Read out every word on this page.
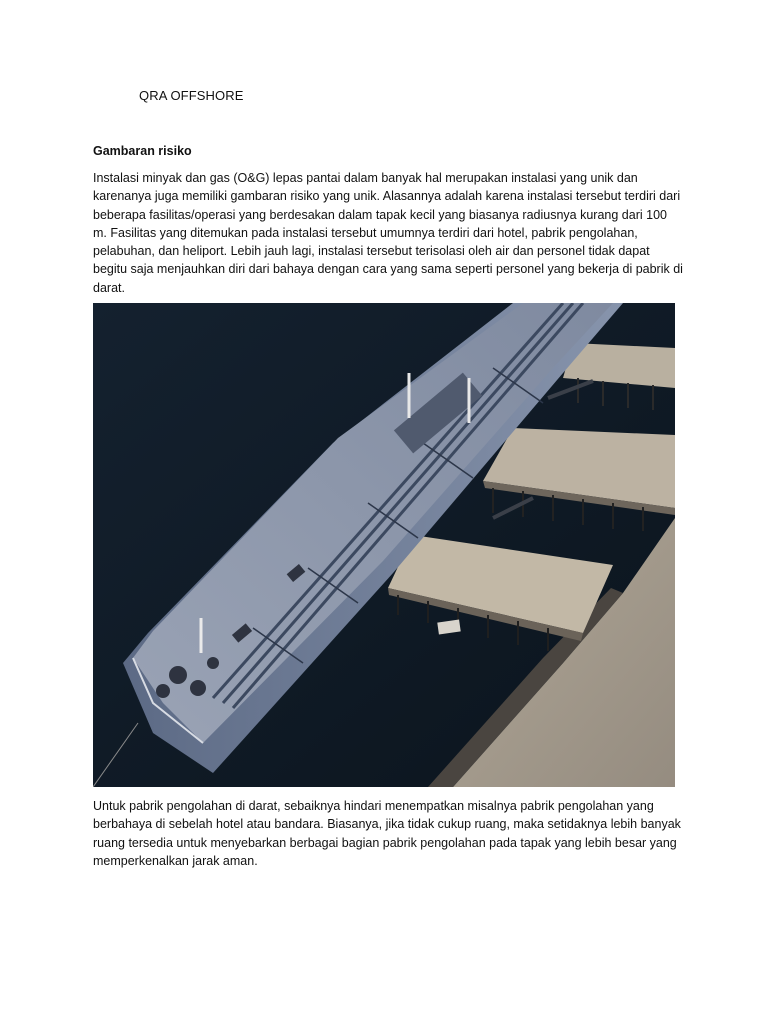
QRA OFFSHORE
Gambaran risiko

Instalasi minyak dan gas (O&G) lepas pantai dalam banyak hal merupakan instalasi yang unik dan karenanya juga memiliki gambaran risiko yang unik. Alasannya adalah karena instalasi tersebut terdiri dari beberapa fasilitas/operasi yang berdesakan dalam tapak kecil yang biasanya radiusnya kurang dari 100 m. Fasilitas yang ditemukan pada instalasi tersebut umumnya terdiri dari hotel, pabrik pengolahan, pelabuhan, dan heliport. Lebih jauh lagi, instalasi tersebut terisolasi oleh air dan personel tidak dapat begitu saja menjauhkan diri dari bahaya dengan cara yang sama seperti personel yang bekerja di pabrik di darat.

Untuk pabrik pengolahan di darat, sebaiknya hindari menempatkan misalnya pabrik pengolahan yang berbahaya di sebelah hotel atau bandara. Biasanya, jika tidak cukup ruang, maka setidaknya lebih banyak ruang tersedia untuk menyebarkan berbagai bagian pabrik pengolahan pada tapak yang lebih besar yang memperkenalkan jarak aman.
